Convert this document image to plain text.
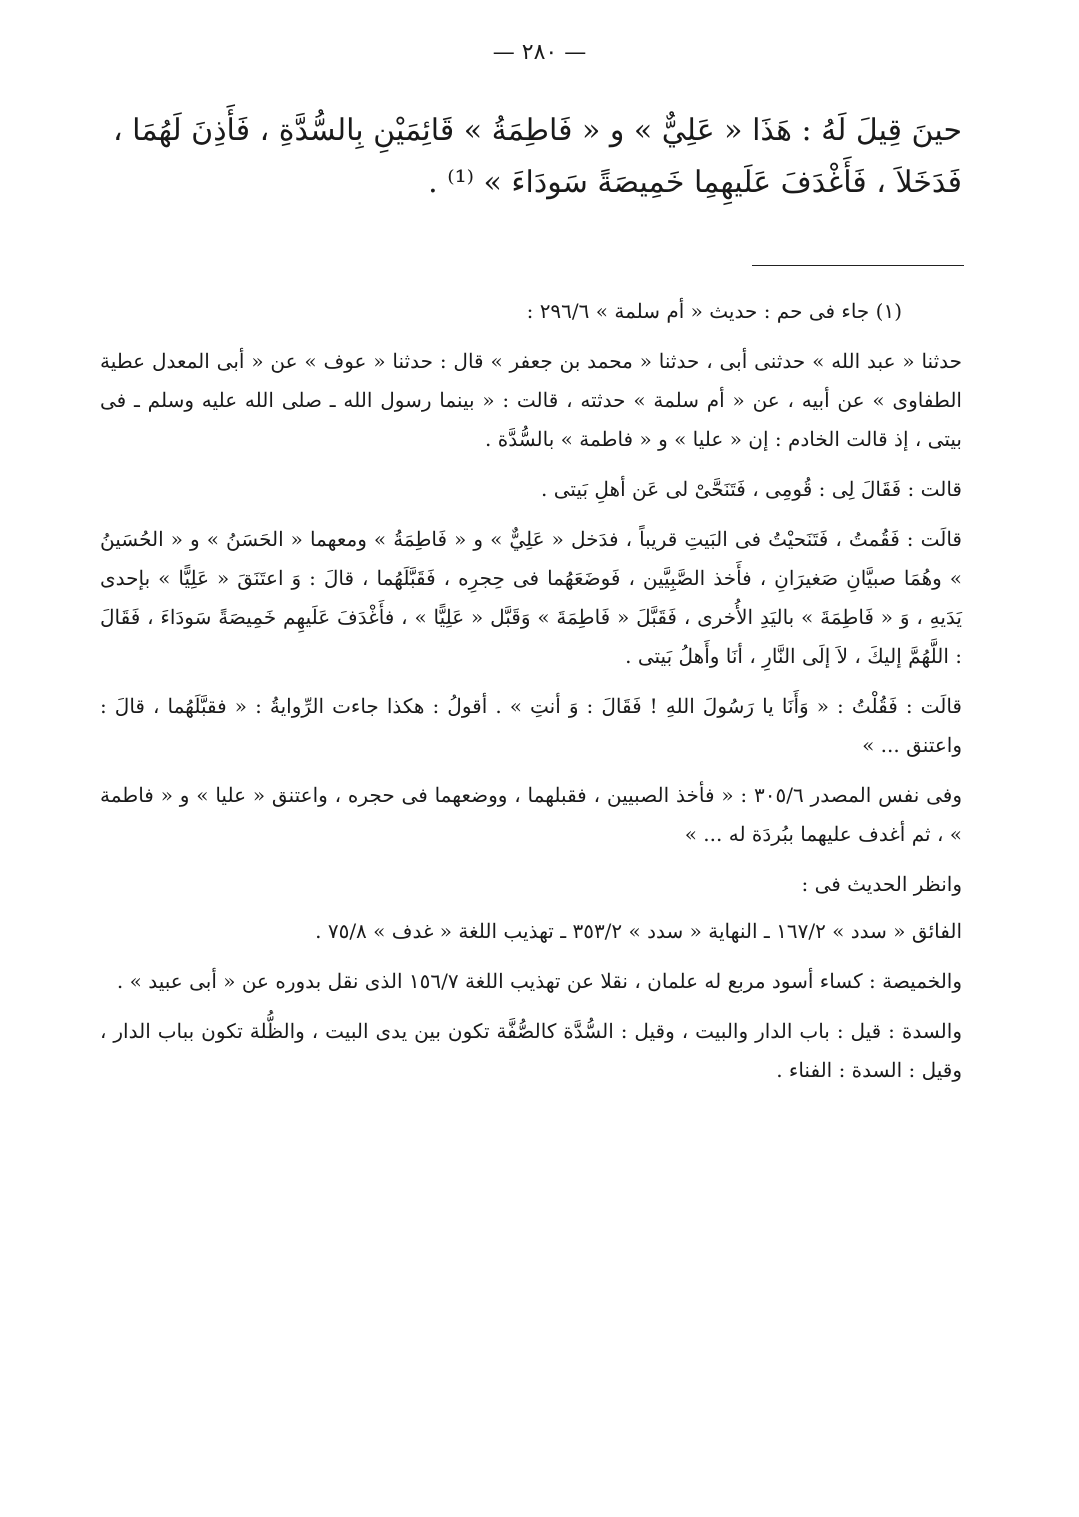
— ٢٨٠ —

حينَ قِيلَ لَهُ : هَذَا « عَلِيٌّ » و « فَاطِمَةُ » قَائِمَيْنِ بِالسُّدَّةِ ، فَأَذِنَ لَهُمَا ،

فَدَخَلاَ ، فَأَغْدَفَ عَلَيهِمِا خَمِيصَةً سَودَاءَ » ⁽¹⁾ .

(١) جاء فى حم : حديث « أم سلمة » ٢٩٦/٦ :

حدثنا « عبد الله » حدثنى أبى ، حدثنا « محمد بن جعفر » قال : حدثنا « عوف » عن « أبى المعدل عطية الطفاوى » عن أبيه ، عن « أم سلمة » حدثته ، قالت : « بينما رسول الله ـ صلى الله عليه وسلم ـ فى بيتى ، إذ قالت الخادم : إن « عليا » و « فاطمة » بالسُّدَّة .

قالت : فَقَالَ لِى : قُومِى ، فَتَنَحَّىْ لى عَن أهلِ بَيتى .

قالَت : فَقُمتُ ، فَتَنَحيْتُ فى البَيتِ قريباً ، فدَخل « عَلِيٌّ » و « فَاطِمَةُ » ومعهما « الحَسَنُ » و « الحُسَينُ » وهُمَا صبيَّانِ صَغيرَانِ ، فأَخذ الصَّبِيَّين ، فَوضَعَهُما فى حِجرِه ، فَقَبَّلَهُما ، قالَ : وَ اعتَنَقَ « عَلِيًّا » بإحدى يَدَيهِ ، وَ « فَاطِمَةَ » باليَدِ الأُخرى ، فَقَبَّلَ « فَاطِمَةَ » وَقَبَّل « عَلِيًّا » ، فأَغْدَفَ عَلَيهِم خَمِيصَةً سَودَاءَ ، فَقَالَ : اللَّهُمَّ إليكَ ، لاَ إلَى النَّارِ ، أنَا وأَهلُ بَيتى .

قالَت : فَقُلْتُ : « وَأَنَا يا رَسُولَ اللهِ ! فَقَالَ : وَ أنتِ » . أقولُ : هكذا جاءت الرِّوايةُ : « فقبَّلَهُما ، قالَ : واعتنق ... »

وفى نفس المصدر ٣٠٥/٦ : « فأخذ الصبيين ، فقبلهما ، ووضعهما فى حجره ، واعتنق « عليا » و « فاطمة » ، ثم أغدف عليهما ببُردَة له ... »

وانظر الحديث فى :

الفائق « سدد » ١٦٧/٢ ـ النهاية « سدد » ٣٥٣/٢ ـ تهذيب اللغة « غدف » ٧٥/٨ .

والخميصة : كساء أسود مربع له علمان ، نقلا عن تهذيب اللغة ١٥٦/٧ الذى نقل بدوره عن « أبى عبيد » .

والسدة : قيل : باب الدار والبيت ، وقيل : السُّدَّة كالصُّفَّة تكون بين يدى البيت ، والظُّلة تكون بباب الدار ، وقيل : السدة : الفناء .
